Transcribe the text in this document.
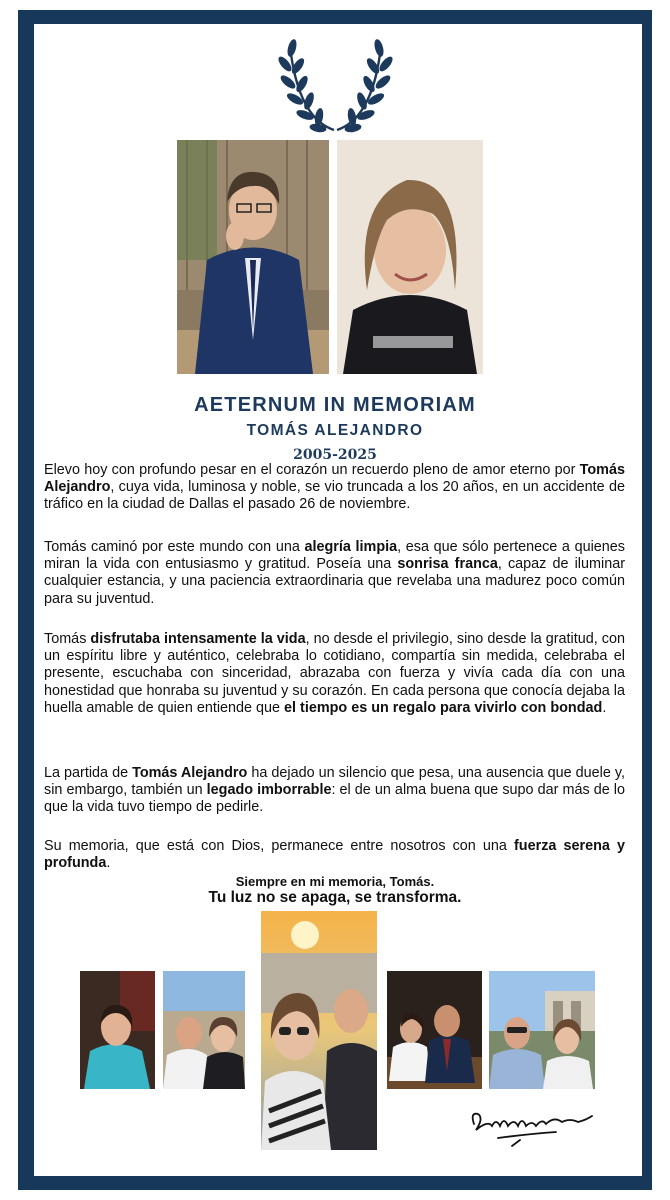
AETERNUM IN MEMORIAM
TOMÁS ALEJANDRO
2005-2025

Elevo hoy con profundo pesar en el corazón un recuerdo pleno de amor eterno por Tomás Alejandro, cuya vida, luminosa y noble, se vio truncada a los 20 años, en un accidente de tráfico en la ciudad de Dallas el pasado 26 de noviembre.

Tomás caminó por este mundo con una alegría limpia, esa que sólo pertenece a quienes miran la vida con entusiasmo y gratitud. Poseía una sonrisa franca, capaz de iluminar cualquier estancia, y una paciencia extraordinaria que revelaba una madurez poco común para su juventud.

Tomás disfrutaba intensamente la vida, no desde el privilegio, sino desde la gratitud, con un espíritu libre y auténtico, celebraba lo cotidiano, compartía sin medida, celebraba el presente, escuchaba con sinceridad, abrazaba con fuerza y vivía cada día con una honestidad que honraba su juventud y su corazón. En cada persona que conocía dejaba la huella amable de quien entiende que el tiempo es un regalo para vivirlo con bondad.

La partida de Tomás Alejandro ha dejado un silencio que pesa, una ausencia que duele y, sin embargo, también un legado imborrable: el de un alma buena que supo dar más de lo que la vida tuvo tiempo de pedirle.

Su memoria, que está con Dios, permanece entre nosotros con una fuerza serena y profunda.

Siempre en mi memoria, Tomás.
Tu luz no se apaga, se transforma.
